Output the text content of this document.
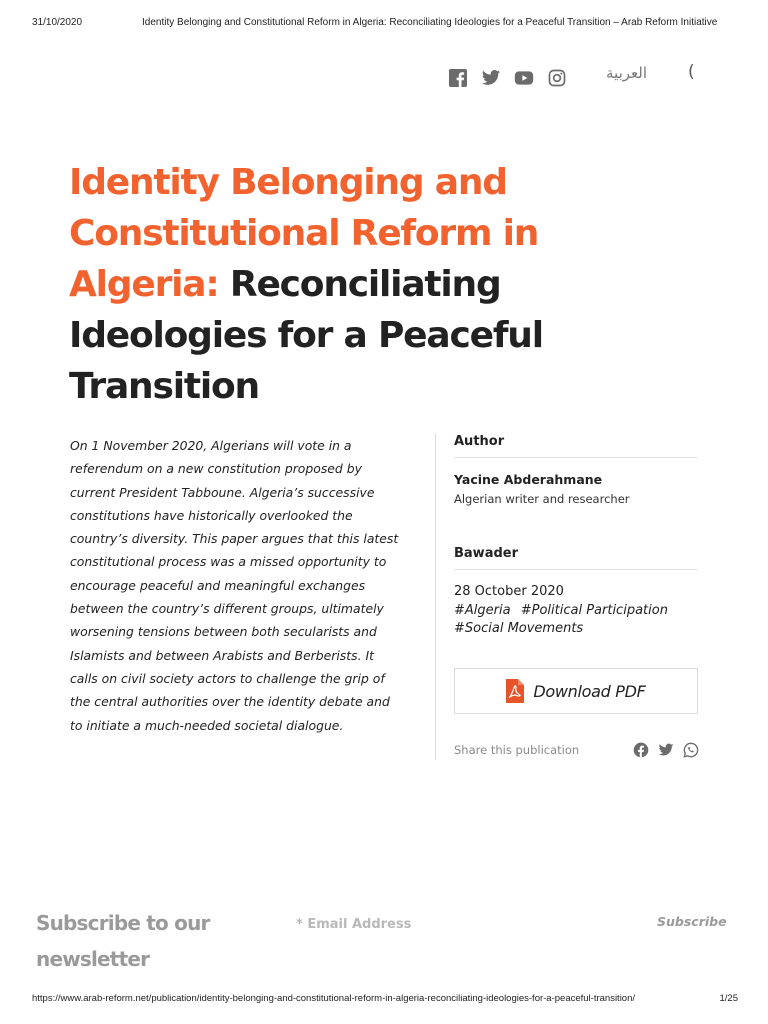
31/10/2020	Identity Belonging and Constitutional Reform in Algeria: Reconciliating Ideologies for a Peaceful Transition – Arab Reform Initiative
العربية (
Identity Belonging and Constitutional Reform in Algeria: Reconciliating Ideologies for a Peaceful Transition

On 1 November 2020, Algerians will vote in a referendum on a new constitution proposed by current President Tabboune. Algeria’s successive constitutions have historically overlooked the country’s diversity. This paper argues that this latest constitutional process was a missed opportunity to encourage peaceful and meaningful exchanges between the country’s different groups, ultimately worsening tensions between both secularists and Islamists and between Arabists and Berberists. It calls on civil society actors to challenge the grip of the central authorities over the identity debate and to initiate a much-needed societal dialogue.

Author
Yacine Abderahmane
Algerian writer and researcher
Bawader
28 October 2020
#Algeria #Political Participation #Social Movements
Download PDF
Share this publication
Subscribe to our newsletter
* Email Address
Subscribe
https://www.arab-reform.net/publication/identity-belonging-and-constitutional-reform-in-algeria-reconciliating-ideologies-for-a-peaceful-transition/	1/25
